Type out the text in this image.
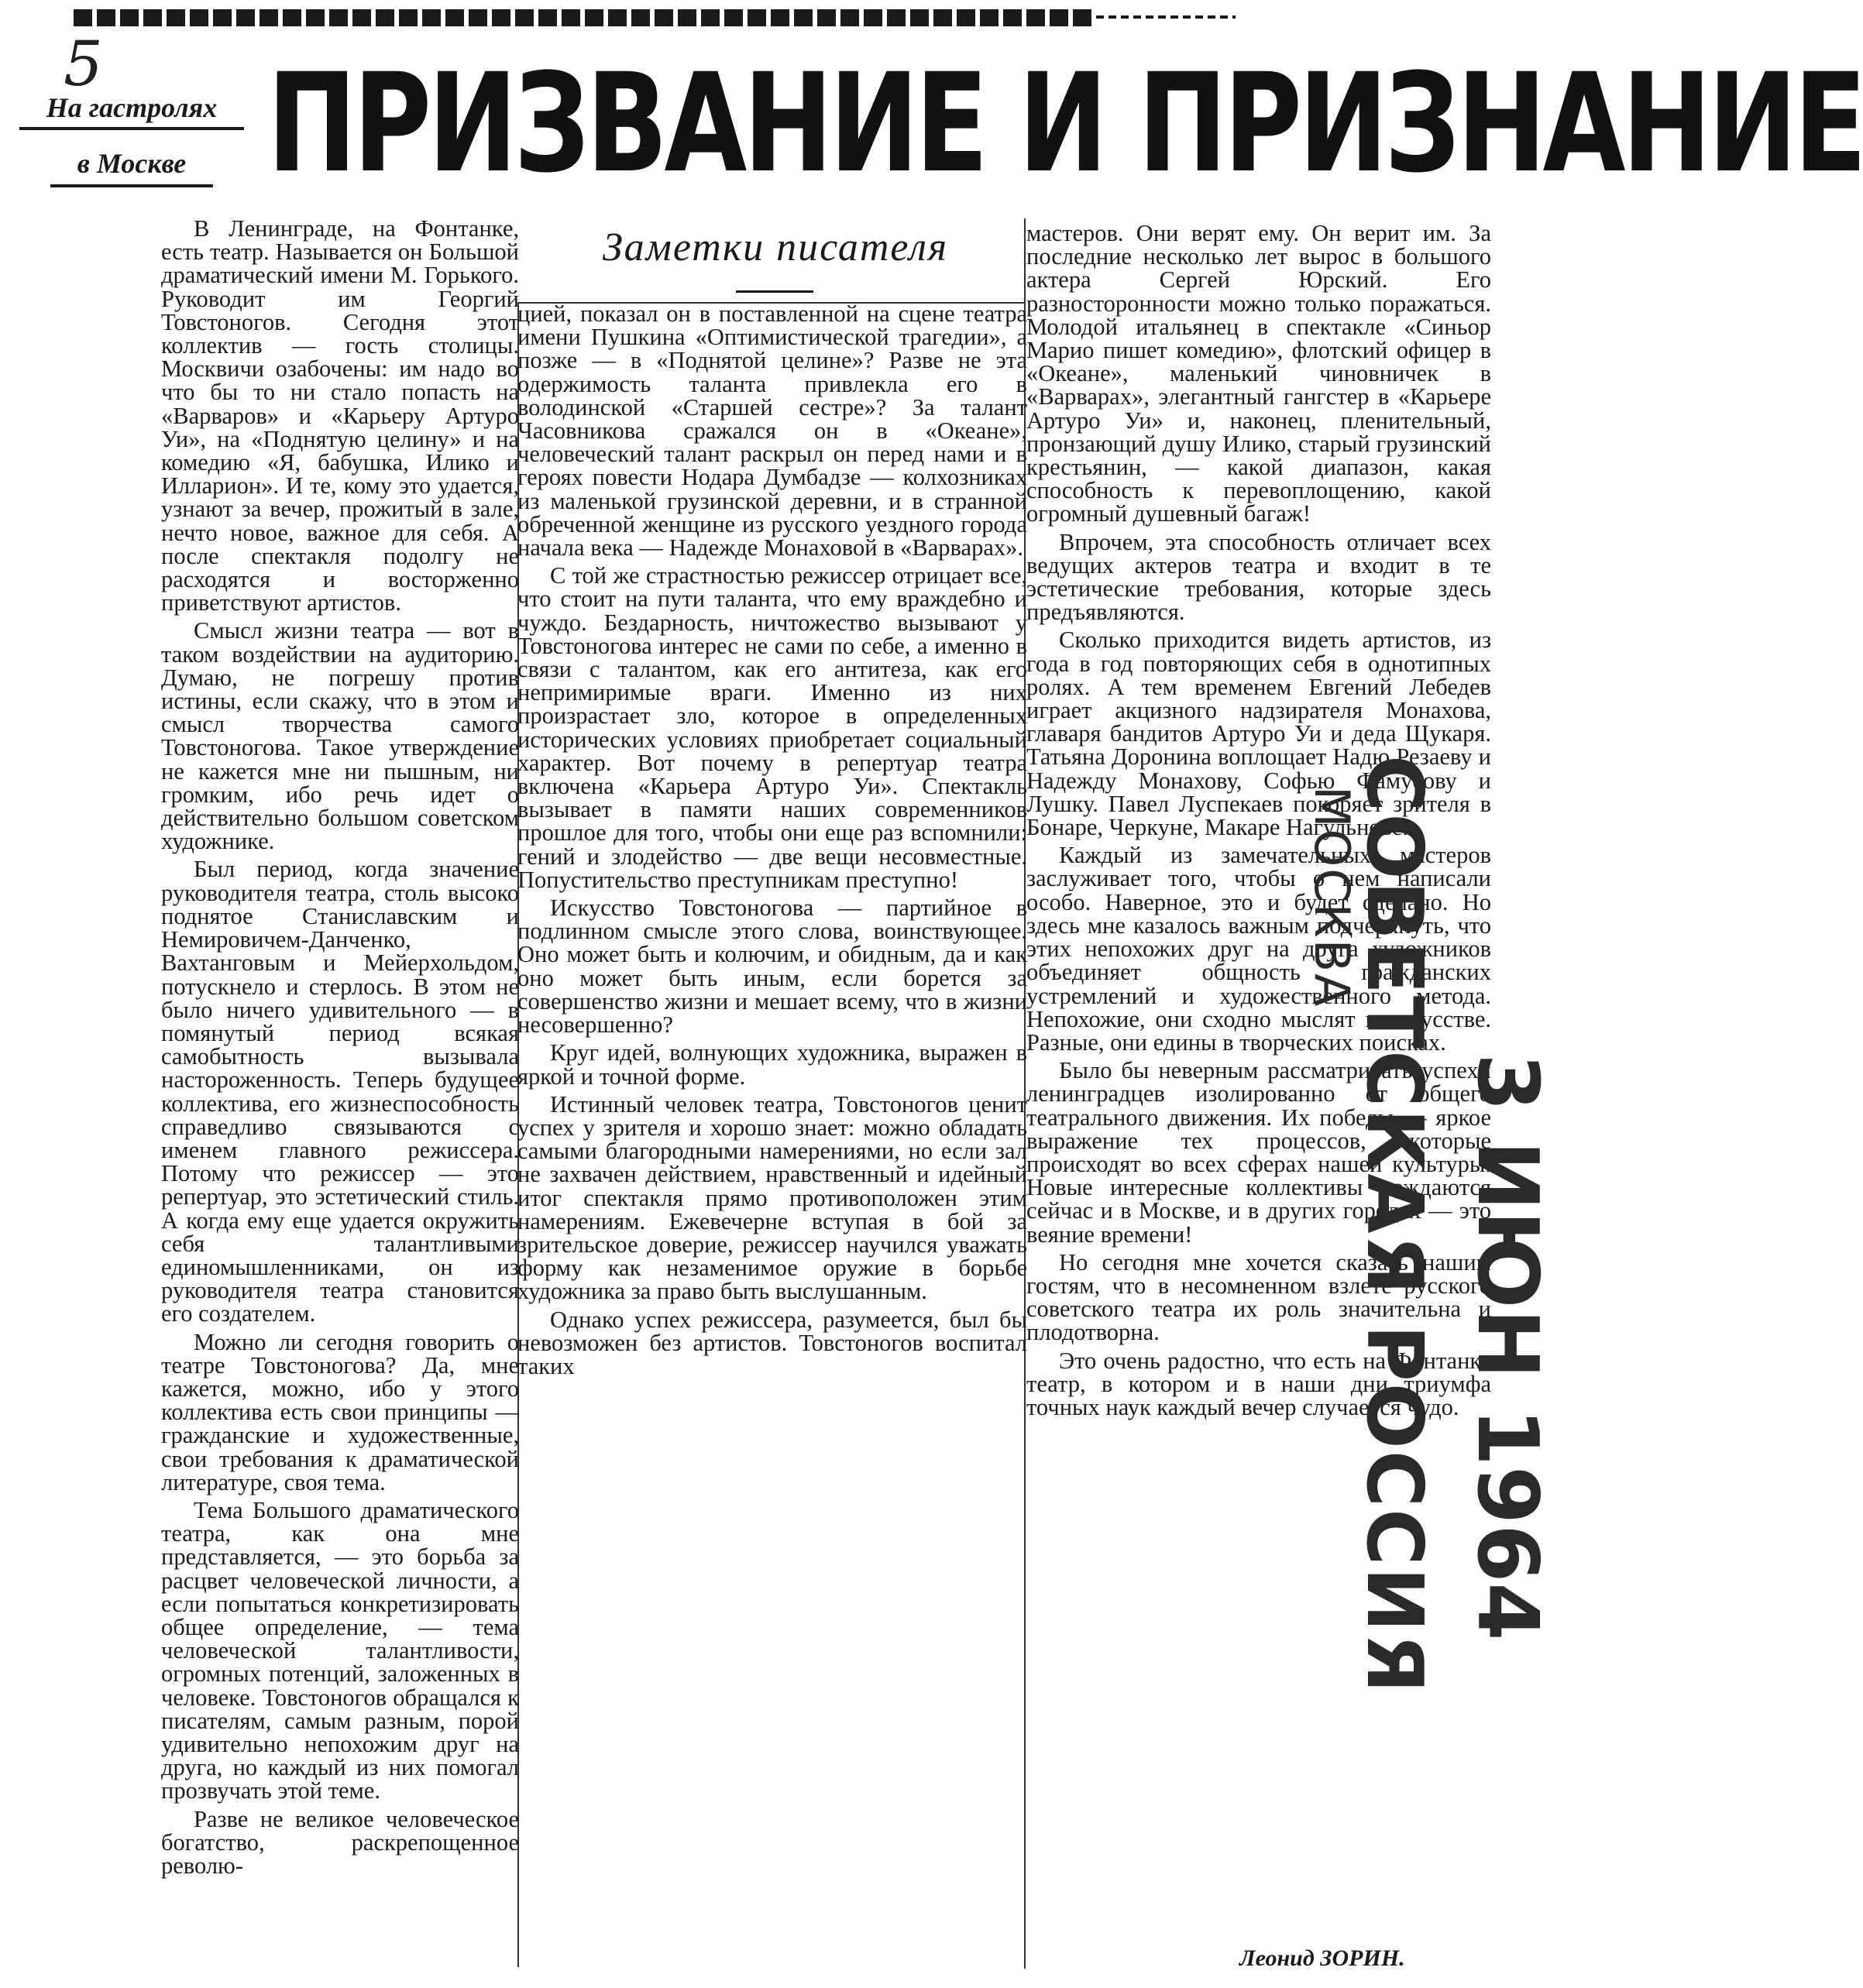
5
На гастролях
в Москве ПРИЗВАНИЕ И ПРИЗНАНИЕ
Заметки писателя

В Ленинграде, на Фонтанке, есть театр. Называется он Большой драматический имени М. Горького. Руководит им Георгий Товстоногов. Сегодня этот коллектив — гость столицы. Москвичи озабочены: им надо во что бы то ни стало попасть на «Варваров» и «Карьеру Артуро Уи», на «Поднятую целину» и на комедию «Я, бабушка, Илико и Илларион». И те, кому это удается, узнают за вечер, прожитый в зале, нечто новое, важное для себя. А после спектакля подолгу не расходятся и восторженно приветствуют артистов.

Смысл жизни театра — вот в таком воздействии на аудиторию. Думаю, не погрешу против истины, если скажу, что в этом и смысл творчества самого Товстоногова. Такое утверждение не кажется мне ни пышным, ни громким, ибо речь идет о действительно большом советском художнике.

Был период, когда значение руководителя театра, столь высоко поднятое Станиславским и Немировичем-Данченко, Вахтанговым и Мейерхольдом, потускнело и стерлось. В этом не было ничего удивительного — в помянутый период всякая самобытность вызывала настороженность. Теперь будущее коллектива, его жизнеспособность справедливо связываются с именем главного режиссера. Потому что режиссер — это репертуар, это эстетический стиль. А когда ему еще удается окружить себя талантливыми единомышленниками, он из руководителя театра становится его создателем.

Можно ли сегодня говорить о театре Товстоногова? Да, мне кажется, можно, ибо у этого коллектива есть свои принципы — гражданские и художественные, свои требования к драматической литературе, своя тема.

Тема Большого драматического театра, как она мне представляется, — это борьба за расцвет человеческой личности, а если попытаться конкретизировать общее определение, — тема человеческой талантливости, огромных потенций, заложенных в человеке. Товстоногов обращался к писателям, самым разным, порой удивительно непохожим друг на друга, но каждый из них помогал прозвучать этой теме.

Разве не великое человеческое богатство, раскрепощенное револю-

цией, показал он в поставленной на сцене театра имени Пушкина «Оптимистической трагедии», а позже — в «Поднятой целине»? Разве не эта одержимость таланта привлекла его в володинской «Старшей сестре»? За талант Часовникова сражался он в «Океане», человеческий талант раскрыл он перед нами и в героях повести Нодара Думбадзе — колхозниках из маленькой грузинской деревни, и в странной обреченной женщине из русского уездного города начала века — Надежде Монаховой в «Варварах».

С той же страстностью режиссер отрицает все, что стоит на пути таланта, что ему враждебно и чуждо. Бездарность, ничтожество вызывают у Товстоногова интерес не сами по себе, а именно в связи с талантом, как его антитеза, как его непримиримые враги. Именно из них произрастает зло, которое в определенных исторических условиях приобретает социальный характер. Вот почему в репертуар театра включена «Карьера Артуро Уи». Спектакль вызывает в памяти наших современников прошлое для того, чтобы они еще раз вспомнили: гений и злодейство — две вещи несовместные. Попустительство преступникам преступно!

Искусство Товстоногова — партийное в подлинном смысле этого слова, воинствующее. Оно может быть и колючим, и обидным, да и как оно может быть иным, если борется за совершенство жизни и мешает всему, что в жизни несовершенно?

Круг идей, волнующих художника, выражен в яркой и точной форме.

Истинный человек театра, Товстоногов ценит успех у зрителя и хорошо знает: можно обладать самыми благородными намерениями, но если зал не захвачен действием, нравственный и идейный итог спектакля прямо противоположен этим намерениям. Ежевечерне вступая в бой за зрительское доверие, режиссер научился уважать форму как незаменимое оружие в борьбе художника за право быть выслушанным.

Однако успех режиссера, разумеется, был бы невозможен без артистов. Товстоногов воспитал таких

мастеров. Они верят ему. Он верит им. За последние несколько лет вырос в большого актера Сергей Юрский. Его разносторонности можно только поражаться. Молодой итальянец в спектакле «Синьор Марио пишет комедию», флотский офицер в «Океане», маленький чиновничек в «Варварах», элегантный гангстер в «Карьере Артуро Уи» и, наконец, пленительный, пронзающий душу Илико, старый грузинский крестьянин, — какой диапазон, какая способность к перевоплощению, какой огромный душевный багаж!

Впрочем, эта способность отличает всех ведущих актеров театра и входит в те эстетические требования, которые здесь предъявляются.

Сколько приходится видеть артистов, из года в год повторяющих себя в однотипных ролях. А тем временем Евгений Лебедев играет акцизного надзирателя Монахова, главаря бандитов Артуро Уи и деда Щукаря. Татьяна Доронина воплощает Надю Резаеву и Надежду Монахову, Софью Фамусову и Лушку. Павел Луспекаев покоряет зрителя в Бонаре, Черкуне, Макаре Нагульнове.

Каждый из замечательных мастеров заслуживает того, чтобы о нем написали особо. Наверное, это и будет сделано. Но здесь мне казалось важным подчеркнуть, что этих непохожих друг на друга художников объединяет общность гражданских устремлений и художественного метода. Непохожие, они сходно мыслят в искусстве. Разные, они едины в творческих поисках.

Было бы неверным рассматривать успехи ленинградцев изолированно от общего театрального движения. Их победы — яркое выражение тех процессов, которые происходят во всех сферах нашей культуры. Новые интересные коллективы рождаются сейчас и в Москве, и в других городах — это веяние времени!

Но сегодня мне хочется сказать нашим гостям, что в несомненном взлете русского советского театра их роль значительна и плодотворна.

Это очень радостно, что есть на Фонтанке театр, в котором и в наши дни триумфа точных наук каждый вечер случается чудо.

Леонид ЗОРИН.
СОВЕТСКАЯ РОССИЯ
МОСКВА
3 ИЮН 1964
